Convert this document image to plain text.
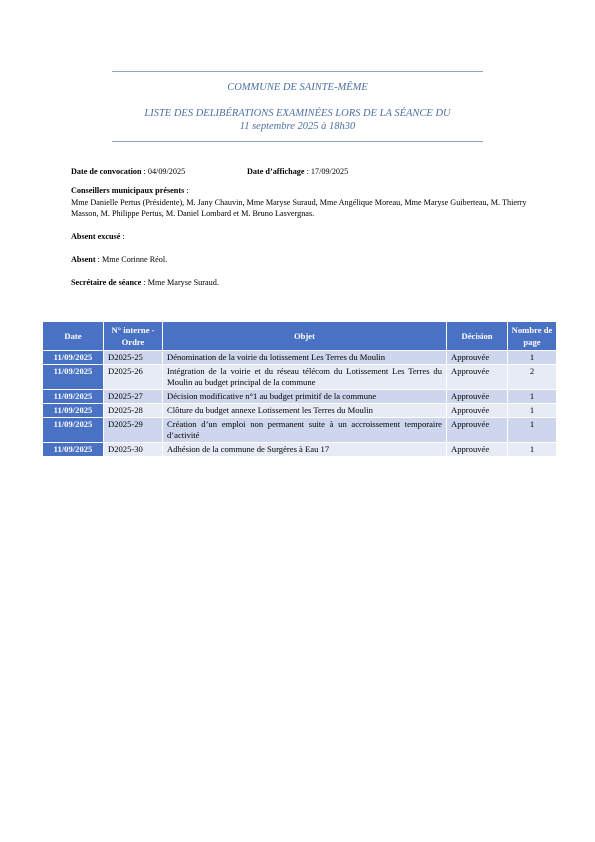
COMMUNE DE SAINTE-MÊME
LISTE DES DELIBÉRATIONS EXAMINÉES LORS DE LA SÉANCE DU
11 septembre 2025 à 18h30
Date de convocation : 04/09/2025	Date d’affichage : 17/09/2025
Conseillers municipaux présents :
Mme Danielle Pertus (Présidente), M. Jany Chauvin, Mme Maryse Suraud, Mme Angélique Moreau, Mme Maryse Guiberteau, M. Thierry Masson, M. Philippe Pertus, M. Daniel Lombard et M. Bruno Lasvergnas.
Absent excusé :
Absent : Mme Corinne Réol.
Secrétaire de séance : Mme Maryse Suraud.
Date	N° interne - Ordre	Objet	Décision	Nombre de page
11/09/2025	D2025-25	Dénomination de la voirie du lotissement Les Terres du Moulin	Approuvée	1
11/09/2025	D2025-26	Intégration de la voirie et du réseau télécom du Lotissement Les Terres du Moulin au budget principal de la commune	Approuvée	2
11/09/2025	D2025-27	Décision modificative n°1 au budget primitif de la commune	Approuvée	1
11/09/2025	D2025-28	Clôture du budget annexe Lotissement les Terres du Moulin	Approuvée	1
11/09/2025	D2025-29	Création d’un emploi non permanent suite à un accroissement temporaire d’activité	Approuvée	1
11/09/2025	D2025-30	Adhésion de la commune de Surgères à Eau 17	Approuvée	1
